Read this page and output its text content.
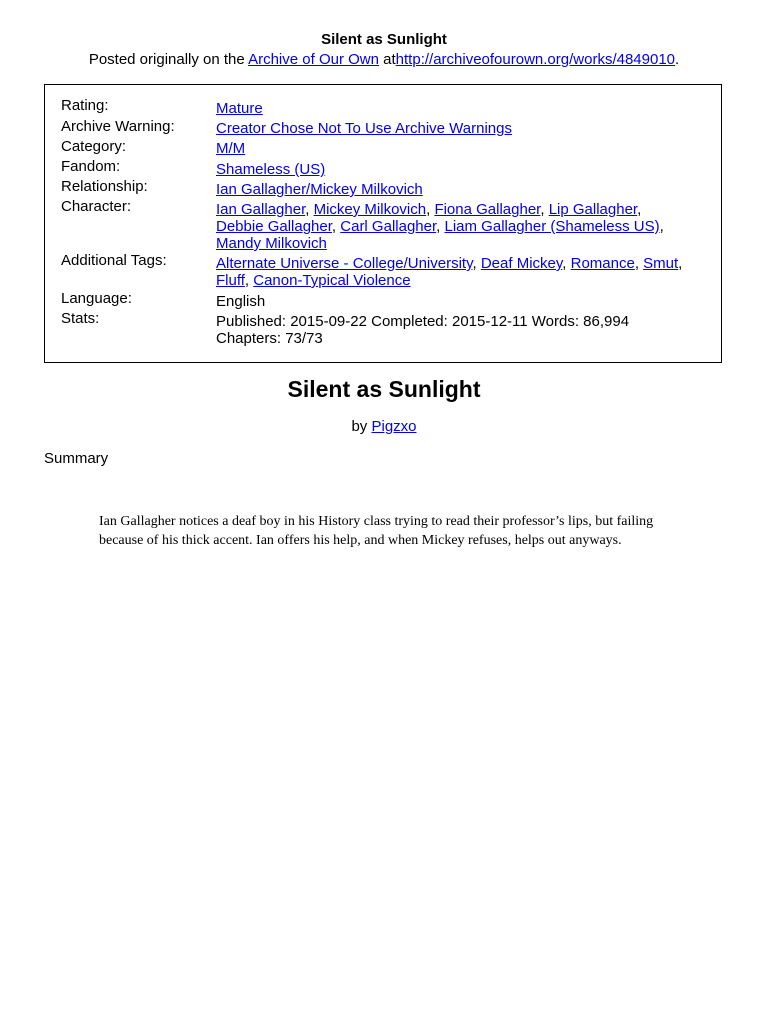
Silent as Sunlight
Posted originally on the Archive of Our Own athttp://archiveofourown.org/works/4849010.
Rating:	Mature
Archive Warning:	Creator Chose Not To Use Archive Warnings
Category:	M/M
Fandom:	Shameless (US)
Relationship:	Ian Gallagher/Mickey Milkovich
Character:	Ian Gallagher, Mickey Milkovich, Fiona Gallagher, Lip Gallagher, Debbie Gallagher, Carl Gallagher, Liam Gallagher (Shameless US), Mandy Milkovich
Additional Tags:	Alternate Universe - College/University, Deaf Mickey, Romance, Smut, Fluff, Canon-Typical Violence
Language:	English
Stats:	Published: 2015-09-22 Completed: 2015-12-11 Words: 86,994
Chapters: 73/73
Silent as Sunlight
by Pigzxo
Summary
Ian Gallagher notices a deaf boy in his History class trying to read their professor’s lips, but failing because of his thick accent. Ian offers his help, and when Mickey refuses, helps out anyways.
